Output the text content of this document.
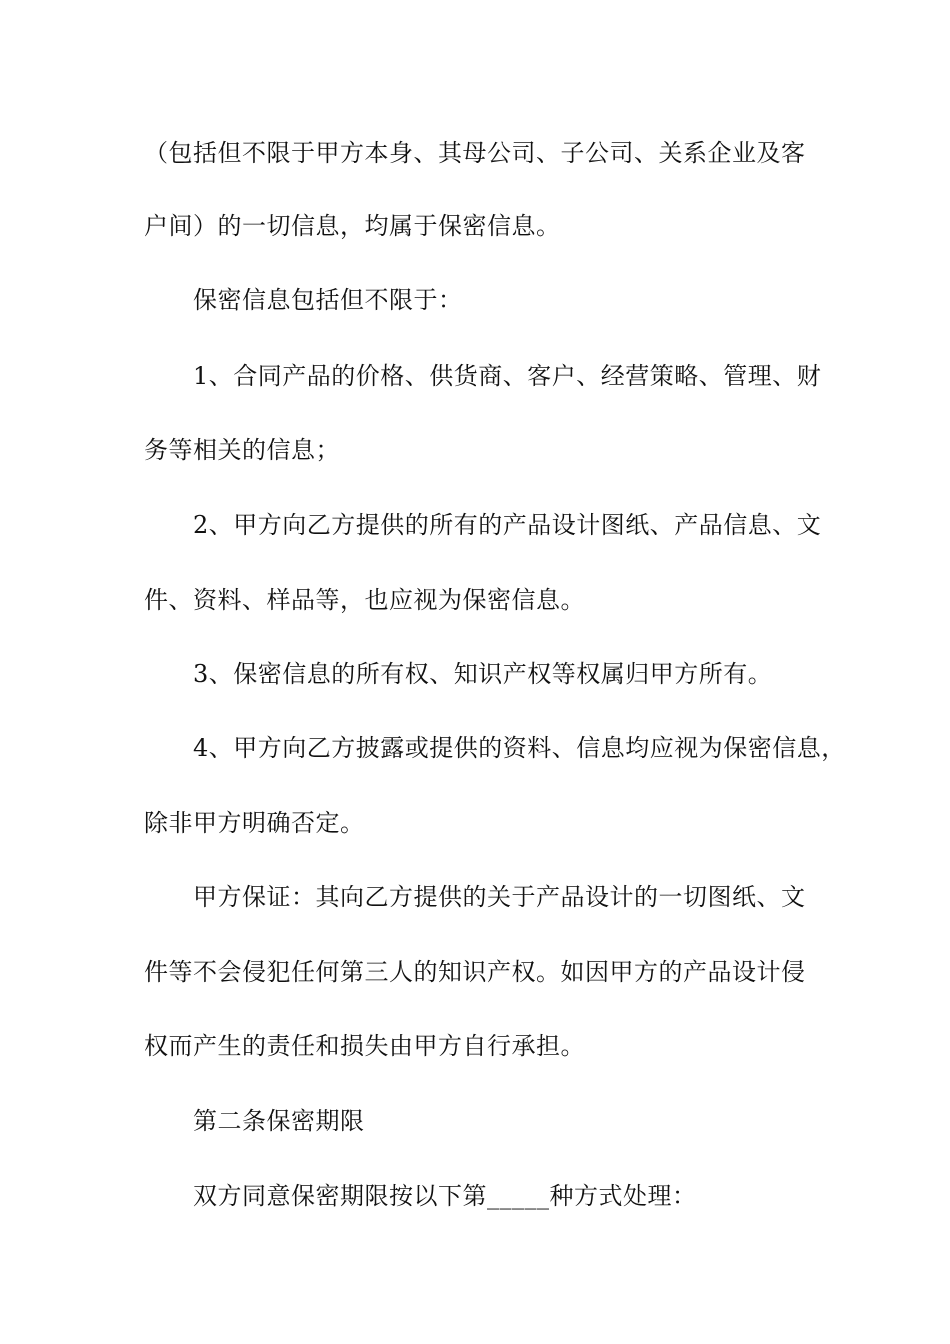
（包括但不限于甲方本身、其母公司、子公司、关系企业及客
户间）的一切信息，均属于保密信息。
保密信息包括但不限于：
1、合同产品的价格、供货商、客户、经营策略、管理、财
务等相关的信息；
2、甲方向乙方提供的所有的产品设计图纸、产品信息、文
件、资料、样品等，也应视为保密信息。
3、保密信息的所有权、知识产权等权属归甲方所有。
4、甲方向乙方披露或提供的资料、信息均应视为保密信息，
除非甲方明确否定。
甲方保证：其向乙方提供的关于产品设计的一切图纸、文
件等不会侵犯任何第三人的知识产权。如因甲方的产品设计侵
权而产生的责任和损失由甲方自行承担。
第二条保密期限
双方同意保密期限按以下第_____种方式处理：
